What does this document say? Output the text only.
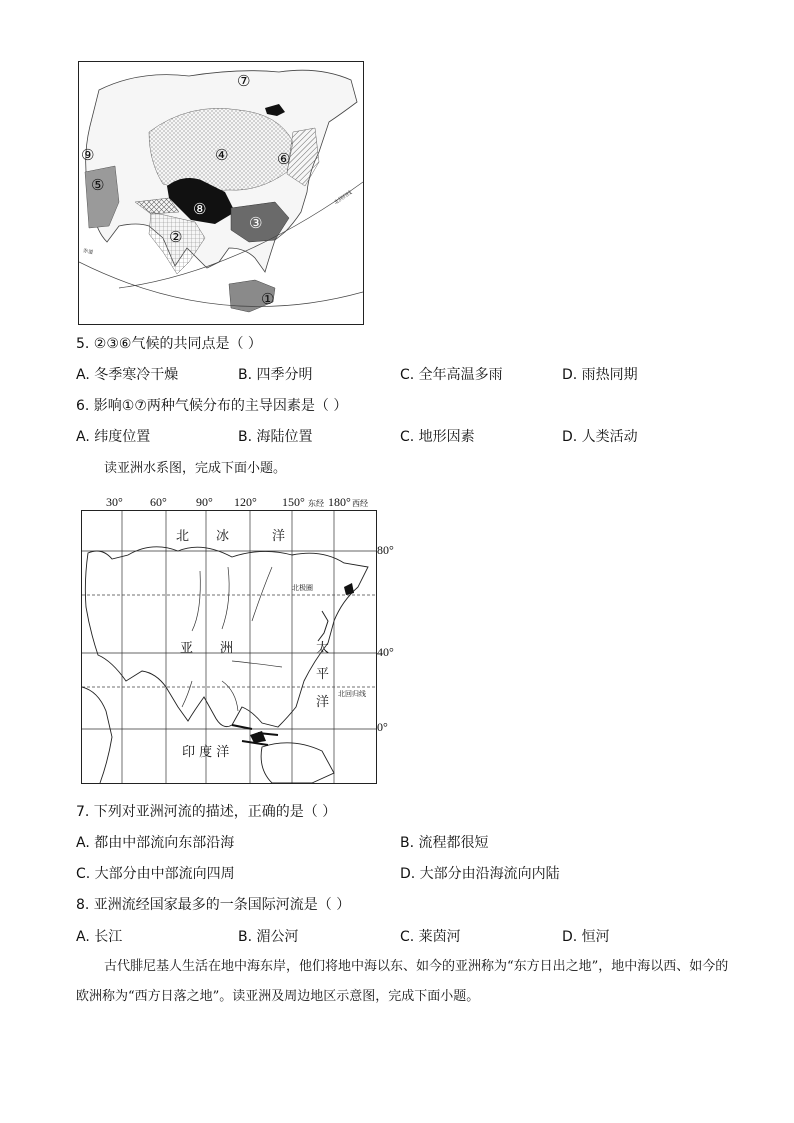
⑦
④	⑥
⑨
⑤
⑧
③
②
①
北回归线
赤道
5. ②③⑥气候的共同点是（ ）
A. 冬季寒冷干燥	B. 四季分明	C. 全年高温多雨	D. 雨热同期
6. 影响①⑦两种气候分布的主导因素是（ ）
A. 纬度位置	B. 海陆位置	C. 地形因素	D. 人类活动
读亚洲水系图，完成下面小题。
30° 60° 90° 120° 150° 东经 180° 西经
北 冰	洋
北极圈
亚 洲	太
平
洋
北回归线
印 度 洋
80°
40°
0°
7. 下列对亚洲河流的描述，正确的是（ ）
A. 都由中部流向东部沿海	B. 流程都很短
C. 大部分由中部流向四周	D. 大部分由沿海流向内陆
8. 亚洲流经国家最多的一条国际河流是（ ）
A. 长江	B. 湄公河	C. 莱茵河	D. 恒河
古代腓尼基人生活在地中海东岸，他们将地中海以东、如今的亚洲称为“东方日出之地”，地中海以西、如今的欧洲称为“西方日落之地”。读亚洲及周边地区示意图，完成下面小题。
